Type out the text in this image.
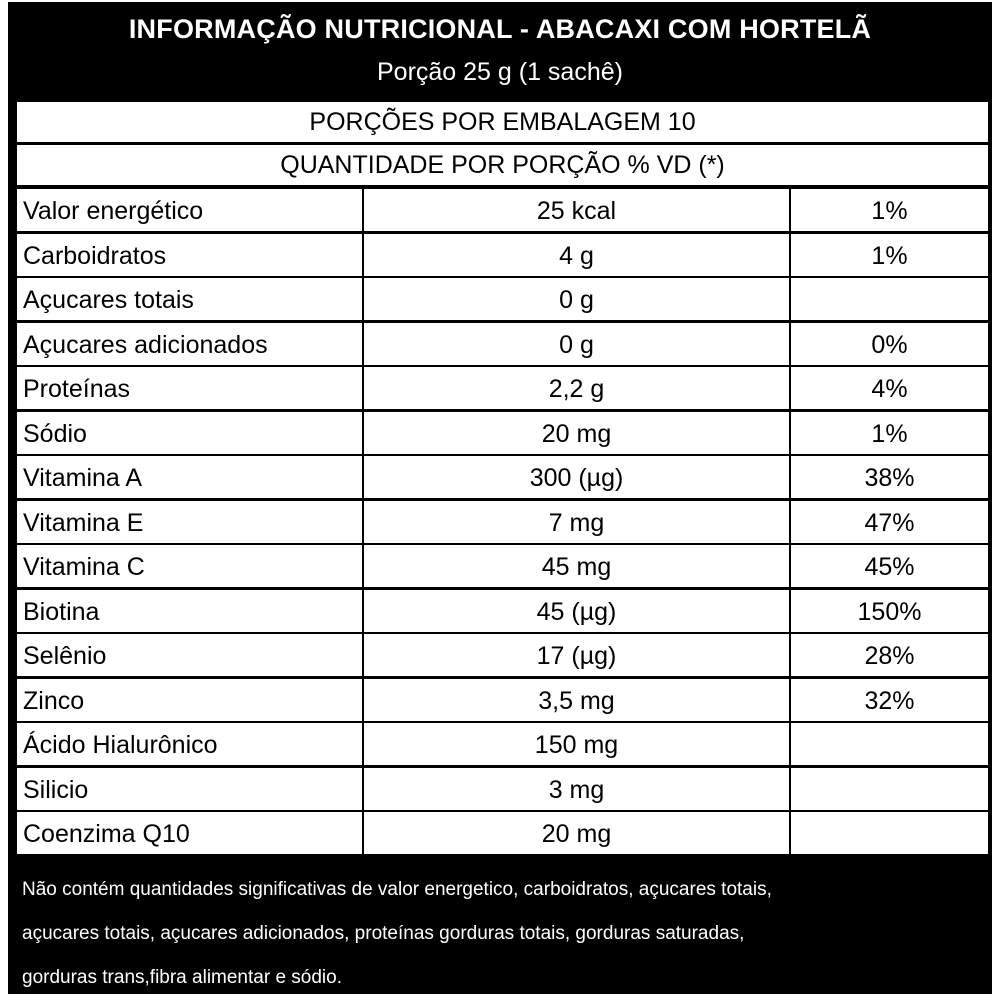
INFORMAÇÃO NUTRICIONAL - ABACAXI COM HORTELÃ
Porção 25 g (1 sachê)
PORÇÕES POR EMBALAGEM 10
QUANTIDADE POR PORÇÃO % VD (*)
Valor energético	25 kcal	1%
Carboidratos	4 g	1%
Açucares totais	0 g
Açucares adicionados	0 g	0%
Proteínas	2,2 g	4%
Sódio	20 mg	1%
Vitamina A	300 (µg)	38%
Vitamina E	7 mg	47%
Vitamina C	45 mg	45%
Biotina	45 (µg)	150%
Selênio	17 (µg)	28%
Zinco	3,5 mg	32%
Ácido Hialurônico	150 mg
Silicio	3 mg
Coenzima Q10	20 mg
Não contém quantidades significativas de valor energetico, carboidratos, açucares totais,
açucares totais, açucares adicionados, proteínas gorduras totais, gorduras saturadas,
gorduras trans,fibra alimentar e sódio.
